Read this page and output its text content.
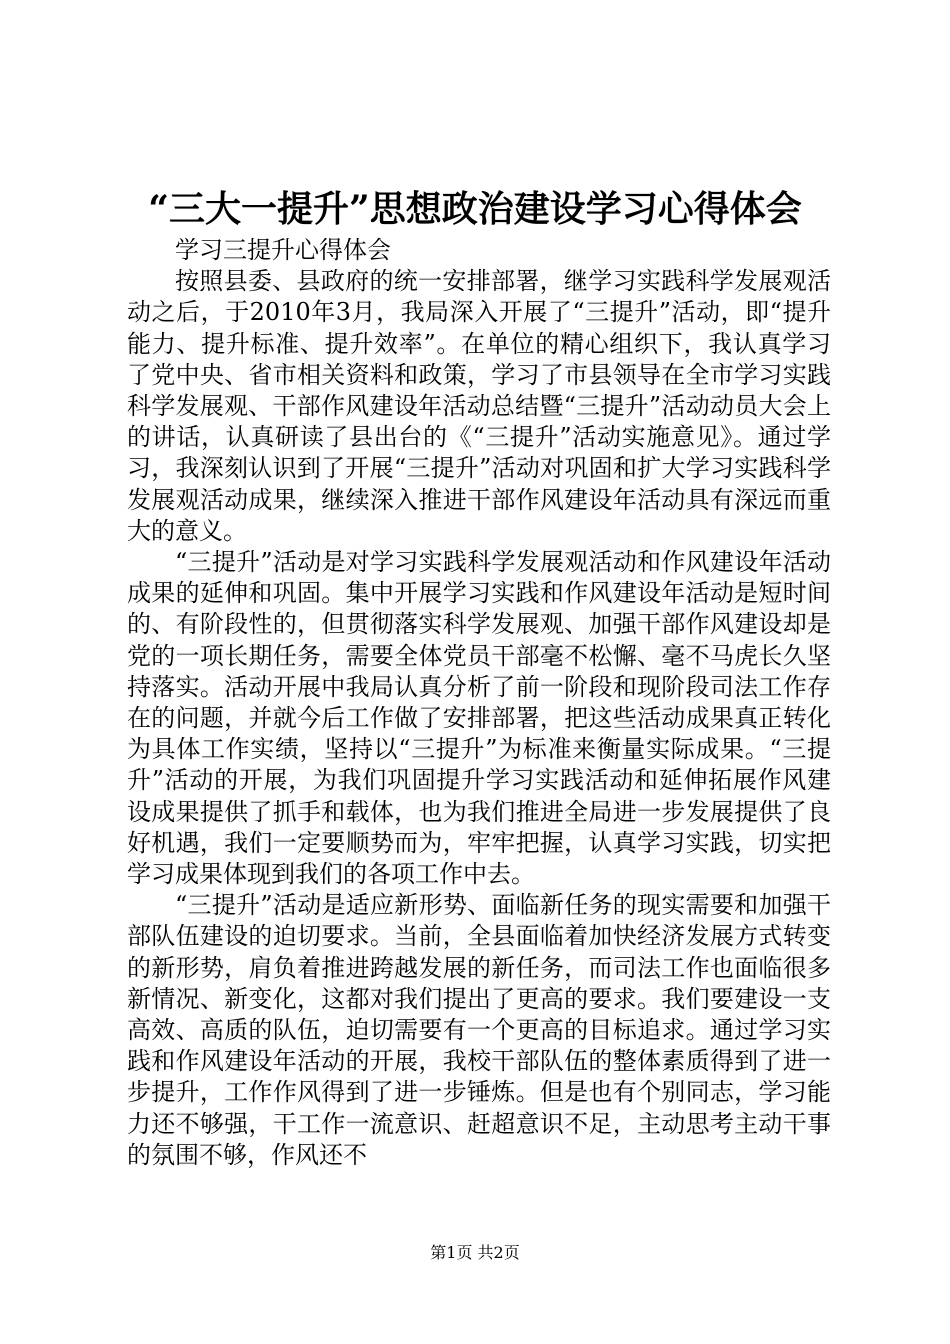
“三大一提升”思想政治建设学习心得体会

学习三提升心得体会

按照县委、县政府的统一安排部署，继学习实践科学发展观活动之后，于2010年3月，我局深入开展了“三提升”活动，即“提升能力、提升标准、提升效率”。在单位的精心组织下，我认真学习了党中央、省市相关资料和政策，学习了市县领导在全市学习实践科学发展观、干部作风建设年活动总结暨“三提升”活动动员大会上的讲话，认真研读了县出台的《“三提升”活动实施意见》。通过学习，我深刻认识到了开展“三提升”活动对巩固和扩大学习实践科学发展观活动成果，继续深入推进干部作风建设年活动具有深远而重大的意义。

“三提升”活动是对学习实践科学发展观活动和作风建设年活动成果的延伸和巩固。集中开展学习实践和作风建设年活动是短时间的、有阶段性的，但贯彻落实科学发展观、加强干部作风建设却是党的一项长期任务，需要全体党员干部毫不松懈、毫不马虎长久坚持落实。活动开展中我局认真分析了前一阶段和现阶段司法工作存在的问题，并就今后工作做了安排部署，把这些活动成果真正转化为具体工作实绩，坚持以“三提升”为标准来衡量实际成果。“三提升”活动的开展，为我们巩固提升学习实践活动和延伸拓展作风建设成果提供了抓手和载体，也为我们推进全局进一步发展提供了良好机遇，我们一定要顺势而为，牢牢把握，认真学习实践，切实把学习成果体现到我们的各项工作中去。

“三提升”活动是适应新形势、面临新任务的现实需要和加强干部队伍建设的迫切要求。当前，全县面临着加快经济发展方式转变的新形势，肩负着推进跨越发展的新任务，而司法工作也面临很多新情况、新变化，这都对我们提出了更高的要求。我们要建设一支高效、高质的队伍，迫切需要有一个更高的目标追求。通过学习实践和作风建设年活动的开展，我校干部队伍的整体素质得到了进一步提升，工作作风得到了进一步锤炼。但是也有个别同志，学习能力还不够强，干工作一流意识、赶超意识不足，主动思考主动干事的氛围不够，作风还不

第1页 共2页
